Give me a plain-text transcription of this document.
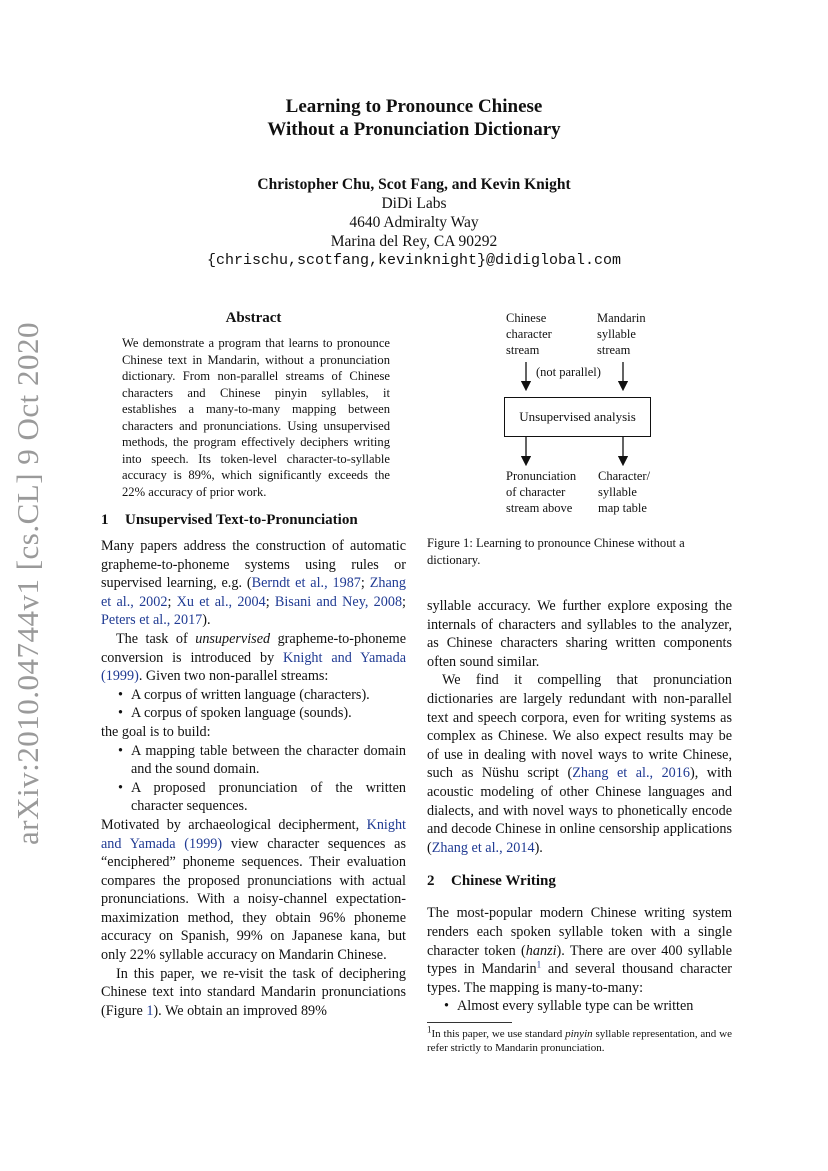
arXiv:2010.04744v1 [cs.CL] 9 Oct 2020
Learning to Pronounce Chinese
Without a Pronunciation Dictionary
Christopher Chu, Scot Fang, and Kevin Knight
DiDi Labs
4640 Admiralty Way
Marina del Rey, CA 90292
{chrischu,scotfang,kevinknight}@didiglobal.com
Abstract
We demonstrate a program that learns to pronounce Chinese text in Mandarin, without a pronunciation dictionary. From non-parallel streams of Chinese characters and Chinese pinyin syllables, it establishes a many-to-many mapping between characters and pronunciations. Using unsupervised methods, the program effectively deciphers writing into speech. Its token-level character-to-syllable accuracy is 89%, which significantly exceeds the 22% accuracy of prior work.
1 Unsupervised Text-to-Pronunciation

Many papers address the construction of automatic grapheme-to-phoneme systems using rules or supervised learning, e.g. (Berndt et al., 1987; Zhang et al., 2002; Xu et al., 2004; Bisani and Ney, 2008; Peters et al., 2017).

The task of unsupervised grapheme-to-phoneme conversion is introduced by Knight and Yamada (1999). Given two non-parallel streams:

• A corpus of written language (characters).
• A corpus of spoken language (sounds).

the goal is to build:

• A mapping table between the character domain and the sound domain.
• A proposed pronunciation of the written character sequences.

Motivated by archaeological decipherment, Knight and Yamada (1999) view character sequences as “enciphered” phoneme sequences. Their evaluation compares the proposed pronunciations with actual pronunciations. With a noisy-channel expectation-maximization method, they obtain 96% phoneme accuracy on Spanish, 99% on Japanese kana, but only 22% syllable accuracy on Mandarin Chinese.

In this paper, we re-visit the task of deciphering Chinese text into standard Mandarin pronunciations (Figure 1). We obtain an improved 89%

Chinese
character
stream
Mandarin
syllable
stream
(not parallel)
Unsupervised analysis
Pronunciation
of character
stream above
Character/
syllable
map table
Figure 1: Learning to pronounce Chinese without a dictionary.

syllable accuracy. We further explore exposing the internals of characters and syllables to the analyzer, as Chinese characters sharing written components often sound similar.

We find it compelling that pronunciation dictionaries are largely redundant with non-parallel text and speech corpora, even for writing systems as complex as Chinese. We also expect results may be of use in dealing with novel ways to write Chinese, such as Nüshu script (Zhang et al., 2016), with acoustic modeling of other Chinese languages and dialects, and with novel ways to phonetically encode and decode Chinese in online censorship applications (Zhang et al., 2014).

2 Chinese Writing

The most-popular modern Chinese writing system renders each spoken syllable token with a single character token (hanzi). There are over 400 syllable types in Mandarin$^1$ and several thousand character types. The mapping is many-to-many:

• Almost every syllable type can be written
$^1$In this paper, we use standard pinyin syllable representation, and we refer strictly to Mandarin pronunciation.
